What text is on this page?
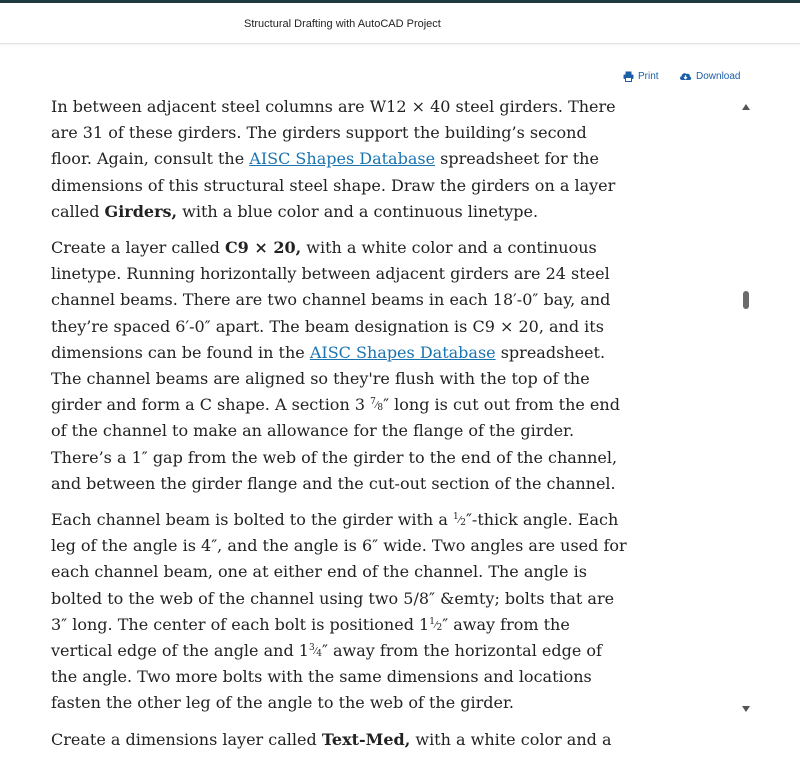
Structural Drafting with AutoCAD Project
Print	Download

In between adjacent steel columns are W12 × 40 steel girders. There are 31 of these girders. The girders support the building’s second floor. Again, consult the AISC Shapes Database spreadsheet for the dimensions of this structural steel shape. Draw the girders on a layer called Girders, with a blue color and a continuous linetype.

Create a layer called C9 × 20, with a white color and a continuous linetype. Running horizontally between adjacent girders are 24 steel channel beams. There are two channel beams in each 18′-0″ bay, and they’re spaced 6′-0″ apart. The beam designation is C9 × 20, and its dimensions can be found in the AISC Shapes Database spreadsheet. The channel beams are aligned so they're flush with the top of the girder and form a C shape. A section 3 7⁄8″ long is cut out from the end of the channel to make an allowance for the flange of the girder. There’s a 1″ gap from the web of the girder to the end of the channel, and between the girder flange and the cut-out section of the channel.

Each channel beam is bolted to the girder with a 1⁄2″-thick angle. Each leg of the angle is 4″, and the angle is 6″ wide. Two angles are used for each channel beam, one at either end of the channel. The angle is bolted to the web of the channel using two 5/8″ &emty; bolts that are 3″ long. The center of each bolt is positioned 11⁄2″ away from the vertical edge of the angle and 13⁄4″ away from the horizontal edge of the angle. Two more bolts with the same dimensions and locations fasten the other leg of the angle to the web of the girder.

Create a dimensions layer called Text-Med, with a white color and a
